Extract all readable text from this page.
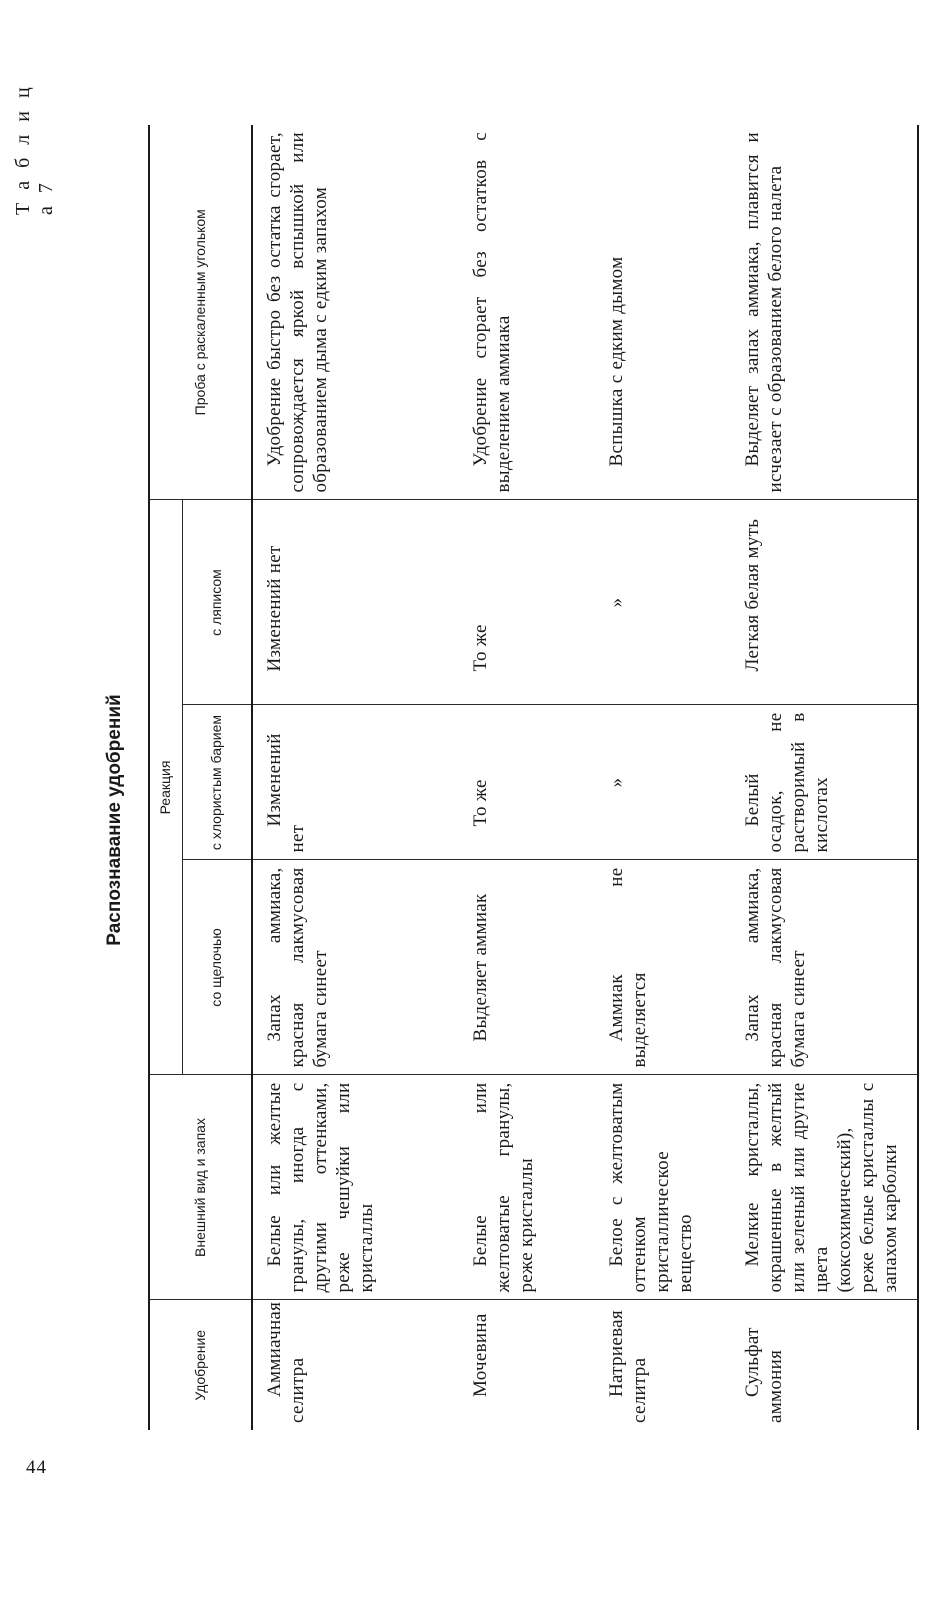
44
Т а б л и ц а 7
Распознавание удобрений
Удобрение	Внешний вид и запах	Реакция			Проба с раскаленным угольком
		со щелочью	с хлористым барием	с ляписом	
Аммиачная селитра	Белые или желтые гранулы, иногда с другими оттенками, реже чешуйки или кристаллы	Запах аммиака, красная лакмусовая бумага синеет	Изменений нет	Изменений нет	Удобрение быстро без остатка сгорает, сопровождается яркой вспышкой или образованием дыма с едким запахом
Мочевина	Белые или желтоватые гранулы, реже кристаллы	Выделяет аммиак	То же	То же	Удобрение сгорает без остатков с выделением аммиака
Натриевая селитра	Белое с желтоватым оттенком кристаллическое вещество	Аммиак не выделяется	»	»	Вспышка с едким дымом
Сульфат аммония	Мелкие кристаллы, окрашенные в желтый или зеленый или другие цвета (коксохимический), реже белые кристаллы с запахом карболки	Запах аммиака, красная лакмусовая бумага синеет	Белый осадок, не растворимый в кислотах	Легкая белая муть	Выделяет запах аммиака, плавится и исчезает с образованием белого налета
